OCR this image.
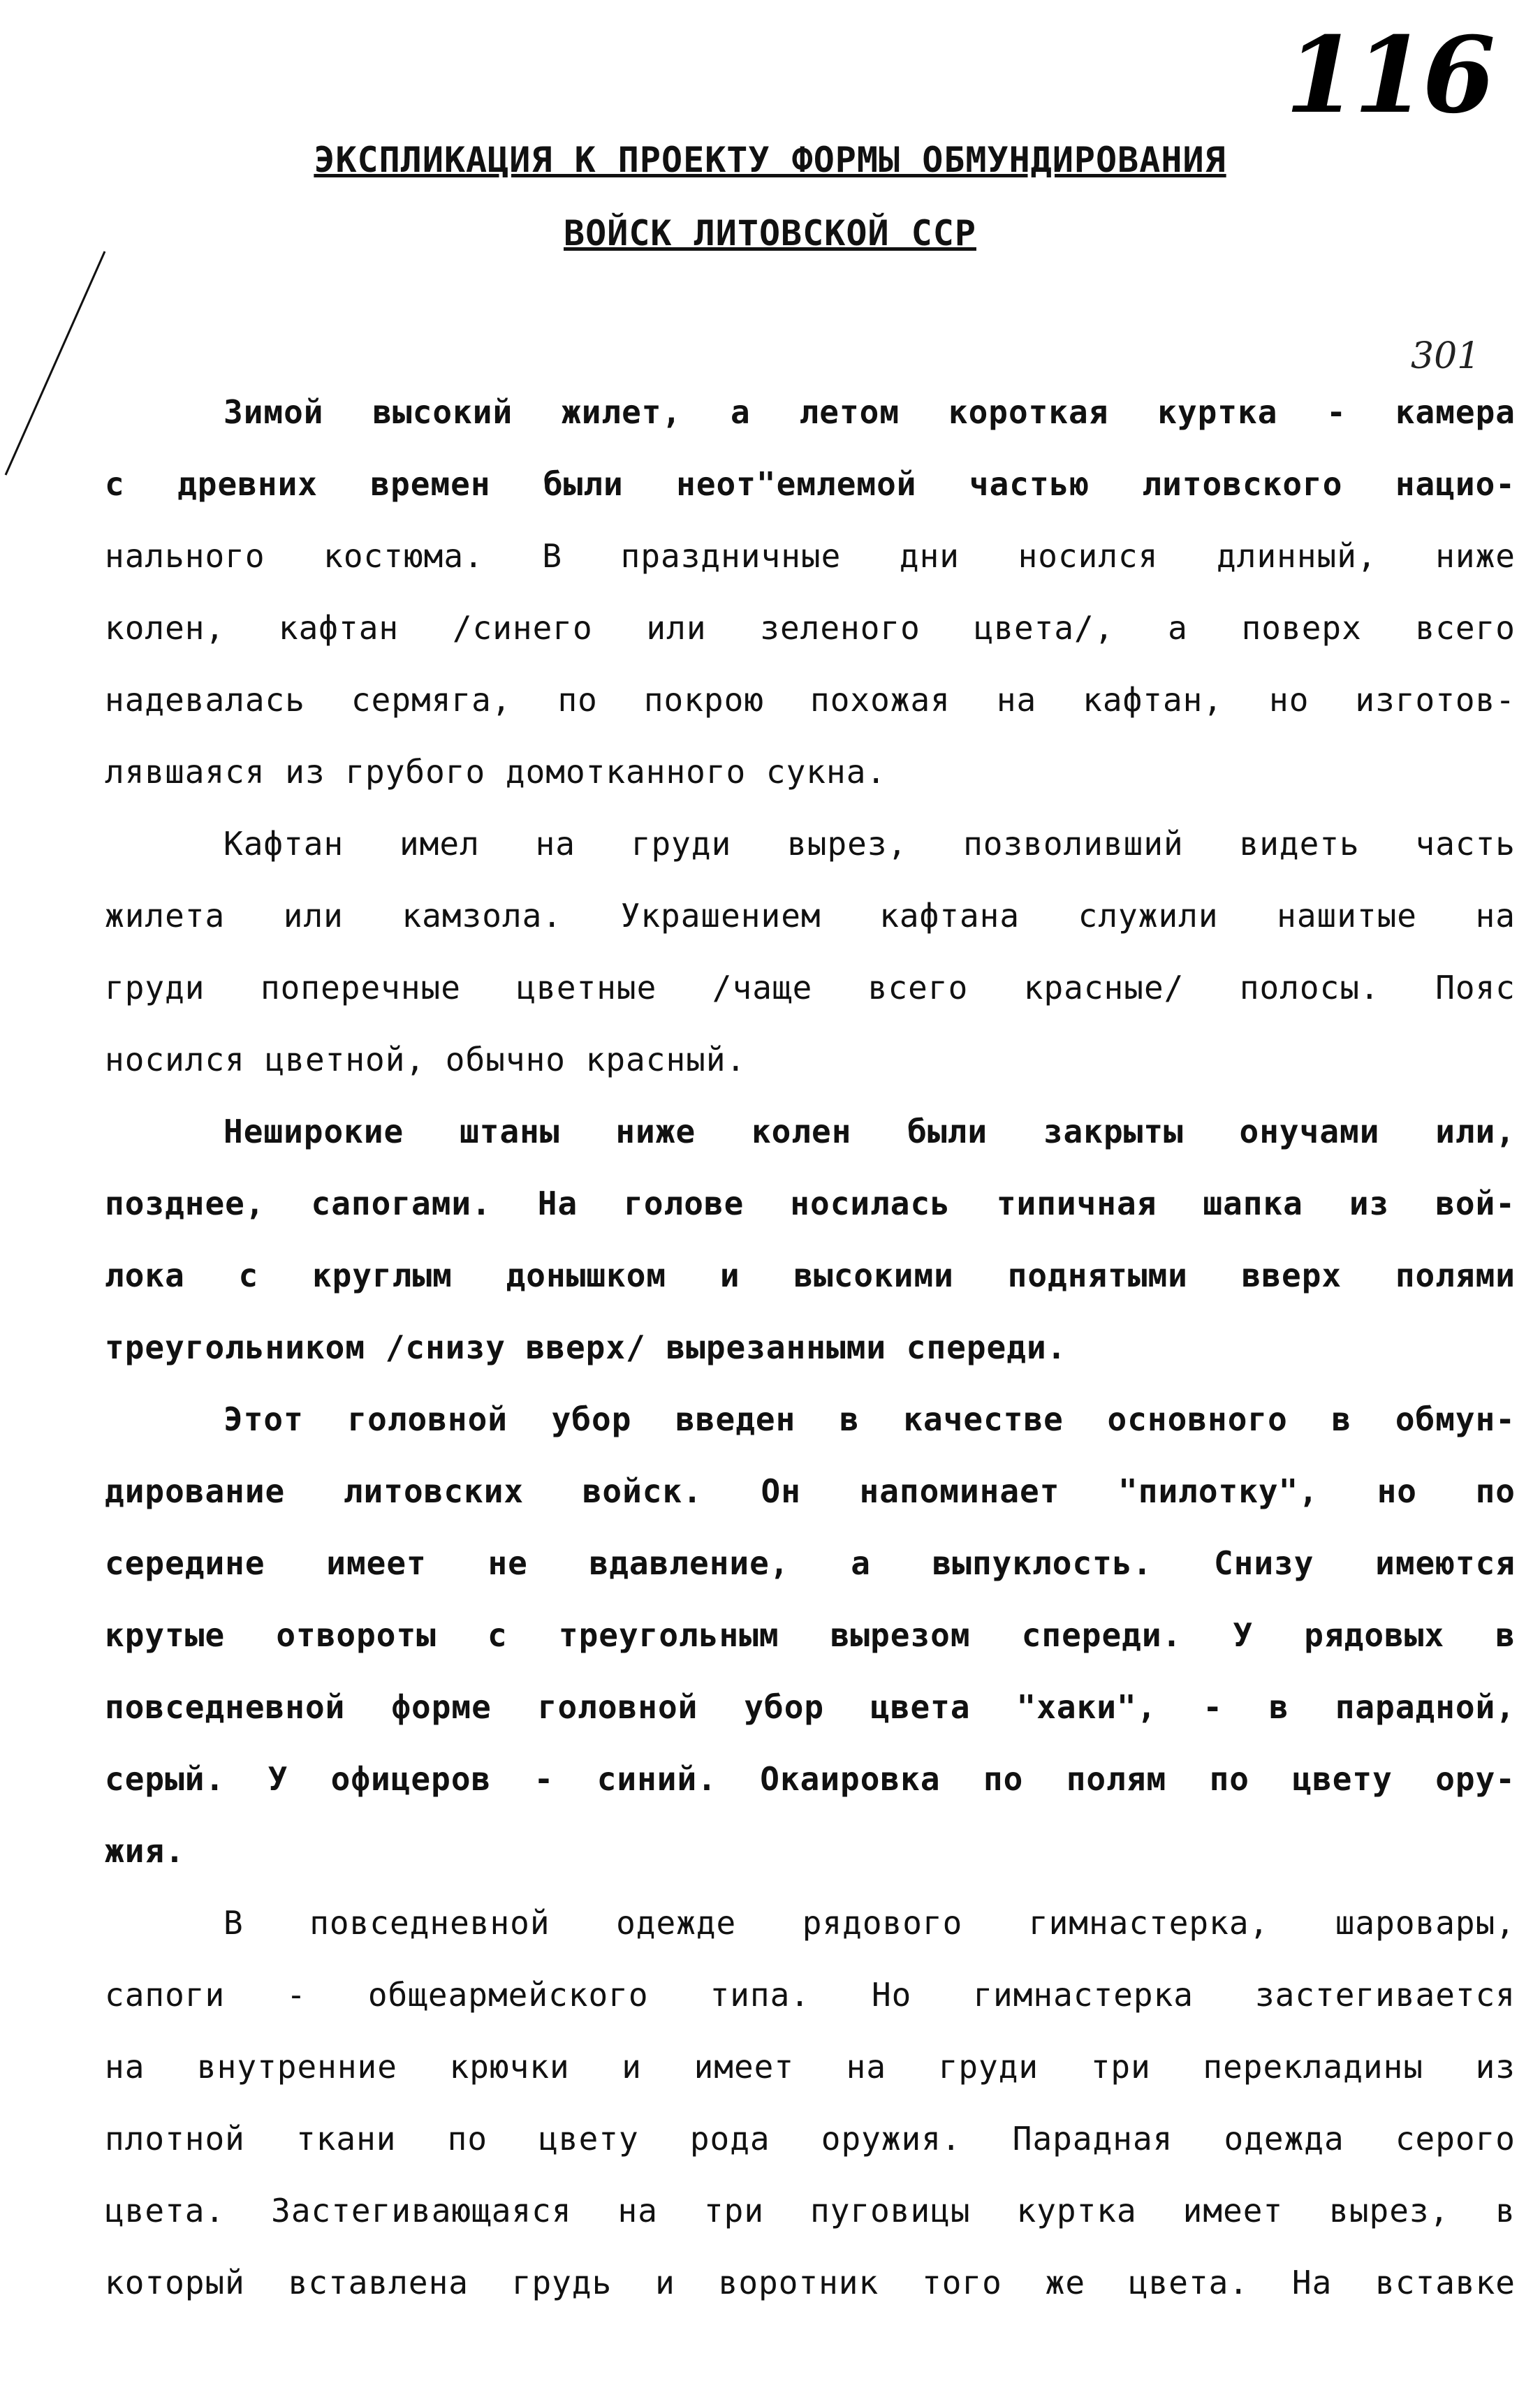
116
ЭКСПЛИКАЦИЯ К ПРОЕКТУ ФОРМЫ ОБМУНДИРОВАНИЯ
ВОЙСК ЛИТОВСКОЙ ССР
301
Зимой высокий жилет, а летом короткая куртка - камера
с древних времен были неот"емлемой частью литовского нацио-
нального костюма. В праздничные дни носился длинный, ниже
колен, кафтан /синего или зеленого цвета/, а поверх всего
надевалась сермяга, по покрою похожая на кафтан, но изготов-
лявшаяся из грубого домотканного сукна.
Кафтан имел на груди вырез, позволивший видеть часть
жилета или камзола. Украшением кафтана служили нашитые на
груди поперечные цветные /чаще всего красные/ полосы. Пояс
носился цветной, обычно красный.
Неширокие штаны ниже колен были закрыты онучами или,
позднее, сапогами. На голове носилась типичная шапка из вой-
лока с круглым донышком и высокими поднятыми вверх полями
треугольником /снизу вверх/ вырезанными спереди.
Этот головной убор введен в качестве основного в обмун-
дирование литовских войск. Он напоминает "пилотку", но по
середине имеет не вдавление, а выпуклость. Снизу имеются
крутые отвороты с треугольным вырезом спереди. У рядовых в
повседневной форме головной убор цвета "хаки", - в парадной,
серый. У офицеров - синий. Окаировка по полям по цвету ору-
жия.
В повседневной одежде рядового гимнастерка, шаровары,
сапоги - общеармейского типа. Но гимнастерка застегивается
на внутренние крючки и имеет на груди три перекладины из
плотной ткани по цвету рода оружия. Парадная одежда серого
цвета. Застегивающаяся на три пуговицы куртка имеет вырез, в
который вставлена грудь и воротник того же цвета. На вставке
